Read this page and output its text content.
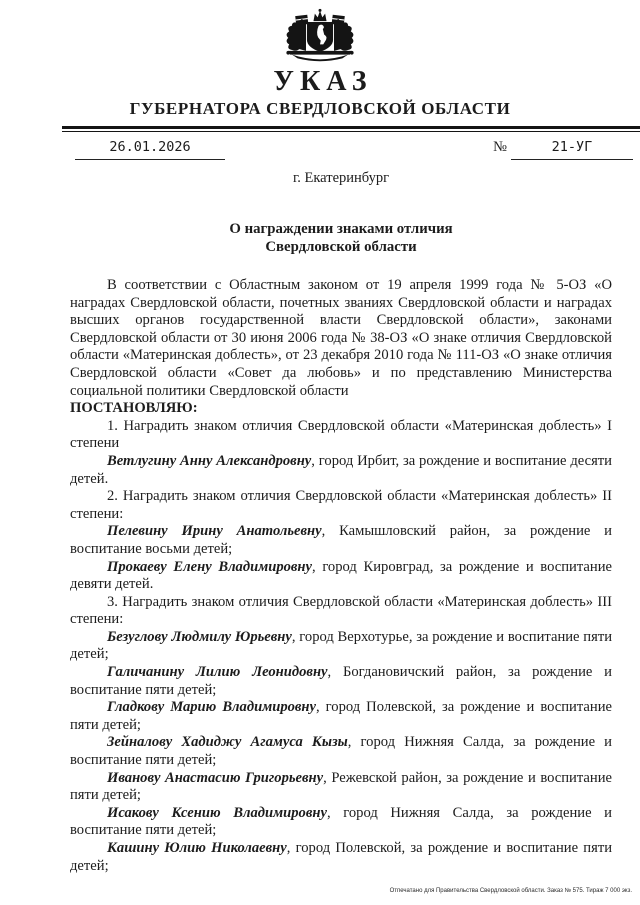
УКАЗ
ГУБЕРНАТОРА СВЕРДЛОВСКОЙ ОБЛАСТИ
26.01.2026	№	21-УГ
г. Екатеринбург
О награждении знаками отличия
Свердловской области

В соответствии с Областным законом от 19 апреля 1999 года № 5-ОЗ «О наградах Свердловской области, почетных званиях Свердловской области и наградах высших органов государственной власти Свердловской области», законами Свердловской области от 30 июня 2006 года № 38-ОЗ «О знаке отличия Свердловской области «Материнская доблесть», от 23 декабря 2010 года № 111-ОЗ «О знаке отличия Свердловской области «Совет да любовь» и по представлению Министерства социальной политики Свердловской области

ПОСТАНОВЛЯЮ:

1. Наградить знаком отличия Свердловской области «Материнская доблесть» I степени

Ветлугину Анну Александровну, город Ирбит, за рождение и воспитание десяти детей.

2. Наградить знаком отличия Свердловской области «Материнская доблесть» II степени:

Пелевину Ирину Анатольевну, Камышловский район, за рождение и воспитание восьми детей;

Прокаеву Елену Владимировну, город Кировград, за рождение и воспитание девяти детей.

3. Наградить знаком отличия Свердловской области «Материнская доблесть» III степени:

Безуглову Людмилу Юрьевну, город Верхотурье, за рождение и воспитание пяти детей;

Галичанину Лилию Леонидовну, Богдановичский район, за рождение и воспитание пяти детей;

Гладкову Марию Владимировну, город Полевской, за рождение и воспитание пяти детей;

Зейналову Хадиджу Агамуса Кызы, город Нижняя Салда, за рождение и воспитание пяти детей;

Иванову Анастасию Григорьевну, Режевской район, за рождение и воспитание пяти детей;

Исакову Ксению Владимировну, город Нижняя Салда, за рождение и воспитание пяти детей;

Кашину Юлию Николаевну, город Полевской, за рождение и воспитание пяти детей;

Отпечатано для Правительства Свердловской области. Заказ № 575. Тираж 7 000 экз.
